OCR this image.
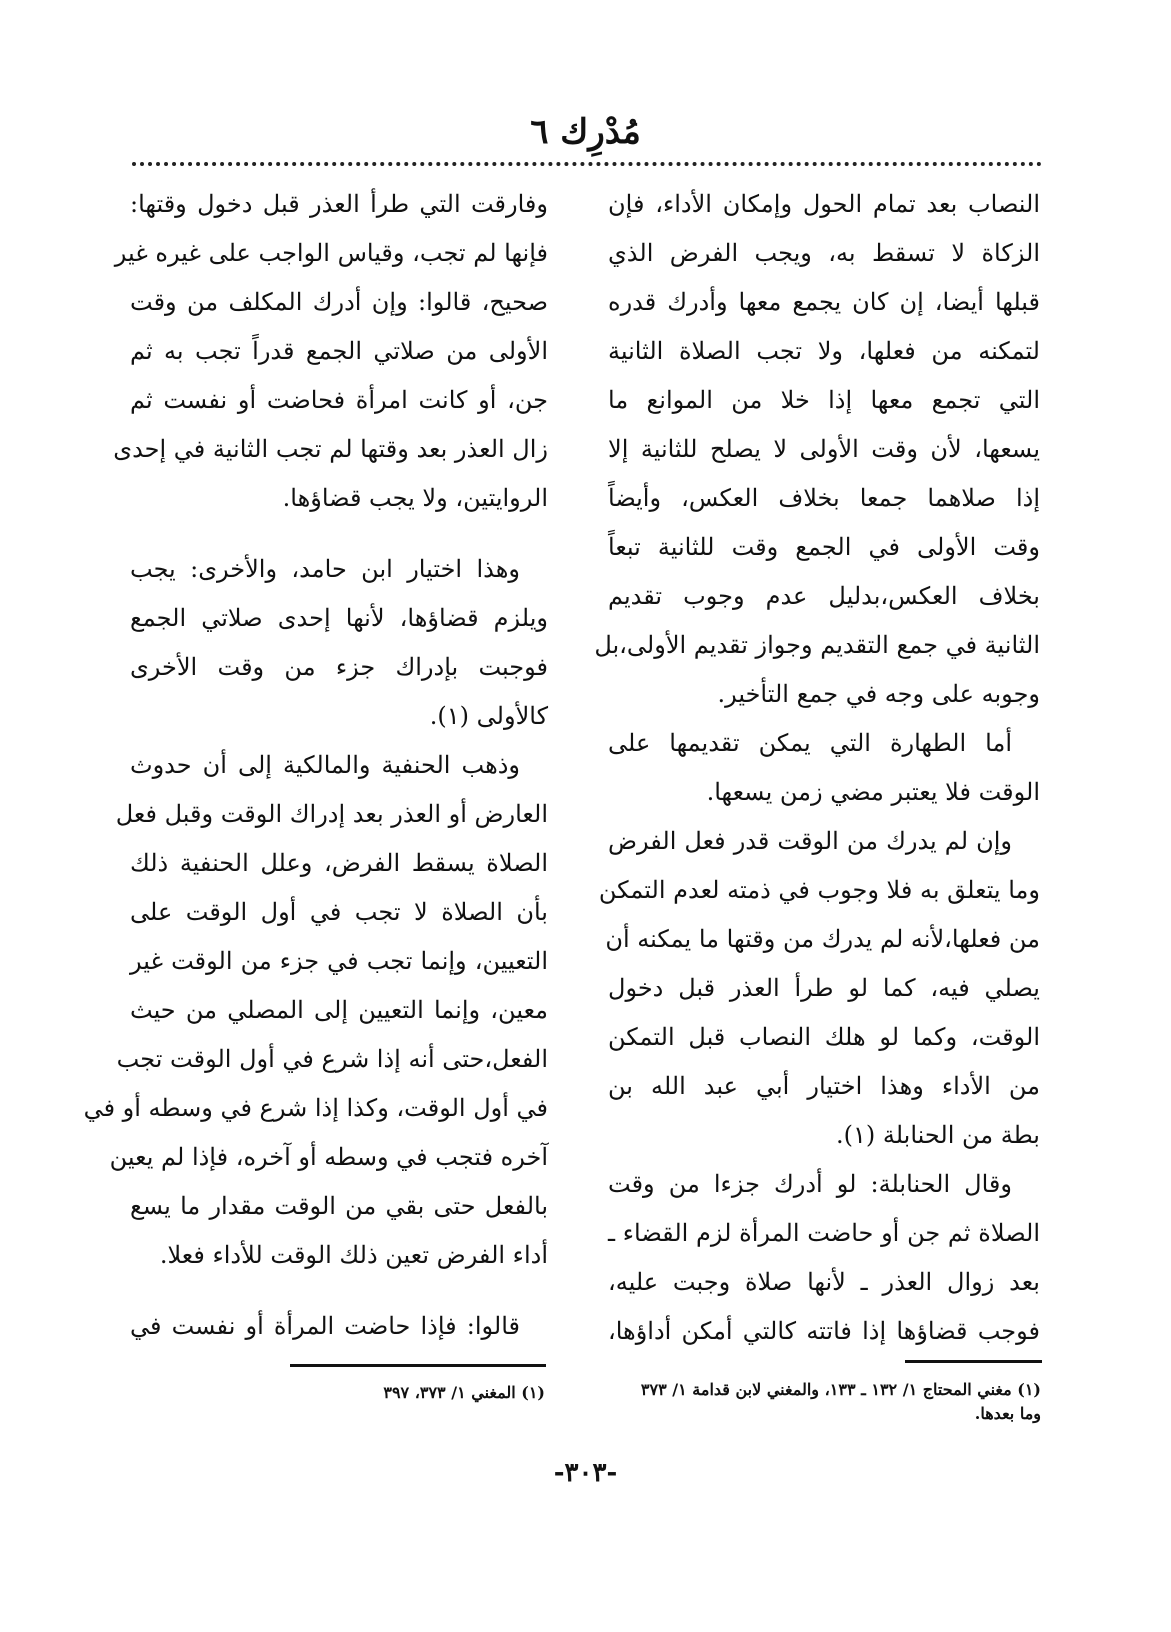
مُدْرِك ٦
النصاب بعد تمام الحول وإمكان الأداء، فإن
الزكاة لا تسقط به، ويجب الفرض الذي
قبلها أيضا، إن كان يجمع معها وأدرك قدره
لتمكنه من فعلها، ولا تجب الصلاة الثانية
التي تجمع معها إذا خلا من الموانع ما
يسعها، لأن وقت الأولى لا يصلح للثانية إلا
إذا صلاهما جمعا بخلاف العكس، وأيضاً
وقت الأولى في الجمع وقت للثانية تبعاً
بخلاف العكس،بدليل عدم وجوب تقديم
الثانية في جمع التقديم وجواز تقديم الأولى،بل
وجوبه على وجه في جمع التأخير.
أما الطهارة التي يمكن تقديمها على
الوقت فلا يعتبر مضي زمن يسعها.
وإن لم يدرك من الوقت قدر فعل الفرض
وما يتعلق به فلا وجوب في ذمته لعدم التمكن
من فعلها،لأنه لم يدرك من وقتها ما يمكنه أن
يصلي فيه، كما لو طرأ العذر قبل دخول
الوقت، وكما لو هلك النصاب قبل التمكن
من الأداء وهذا اختيار أبي عبد الله بن
بطة من الحنابلة (١).
وقال الحنابلة: لو أدرك جزءا من وقت
الصلاة ثم جن أو حاضت المرأة لزم القضاء ـ
بعد زوال العذر ـ لأنها صلاة وجبت عليه،
فوجب قضاؤها إذا فاتته كالتي أمكن أداؤها،
وفارقت التي طرأ العذر قبل دخول وقتها:
فإنها لم تجب، وقياس الواجب على غيره غير
صحيح، قالوا: وإن أدرك المكلف من وقت
الأولى من صلاتي الجمع قدراً تجب به ثم
جن، أو كانت امرأة فحاضت أو نفست ثم
زال العذر بعد وقتها لم تجب الثانية في إحدى
الروايتين، ولا يجب قضاؤها.
وهذا اختيار ابن حامد، والأخرى: يجب
ويلزم قضاؤها، لأنها إحدى صلاتي الجمع
فوجبت بإدراك جزء من وقت الأخرى
كالأولى (١).
وذهب الحنفية والمالكية إلى أن حدوث
العارض أو العذر بعد إدراك الوقت وقبل فعل
الصلاة يسقط الفرض، وعلل الحنفية ذلك
بأن الصلاة لا تجب في أول الوقت على
التعيين، وإنما تجب في جزء من الوقت غير
معين، وإنما التعيين إلى المصلي من حيث
الفعل،حتى أنه إذا شرع في أول الوقت تجب
في أول الوقت، وكذا إذا شرع في وسطه أو في
آخره فتجب في وسطه أو آخره، فإذا لم يعين
بالفعل حتى بقي من الوقت مقدار ما يسع
أداء الفرض تعين ذلك الوقت للأداء فعلا.
قالوا: فإذا حاضت المرأة أو نفست في
(١) مغني المحتاج ١/ ١٣٢ ـ ١٣٣، والمغني لابن قدامة ١/ ٣٧٣
وما بعدها.
(١) المغني ١/ ٣٧٣، ٣٩٧
-٣٠٣-
